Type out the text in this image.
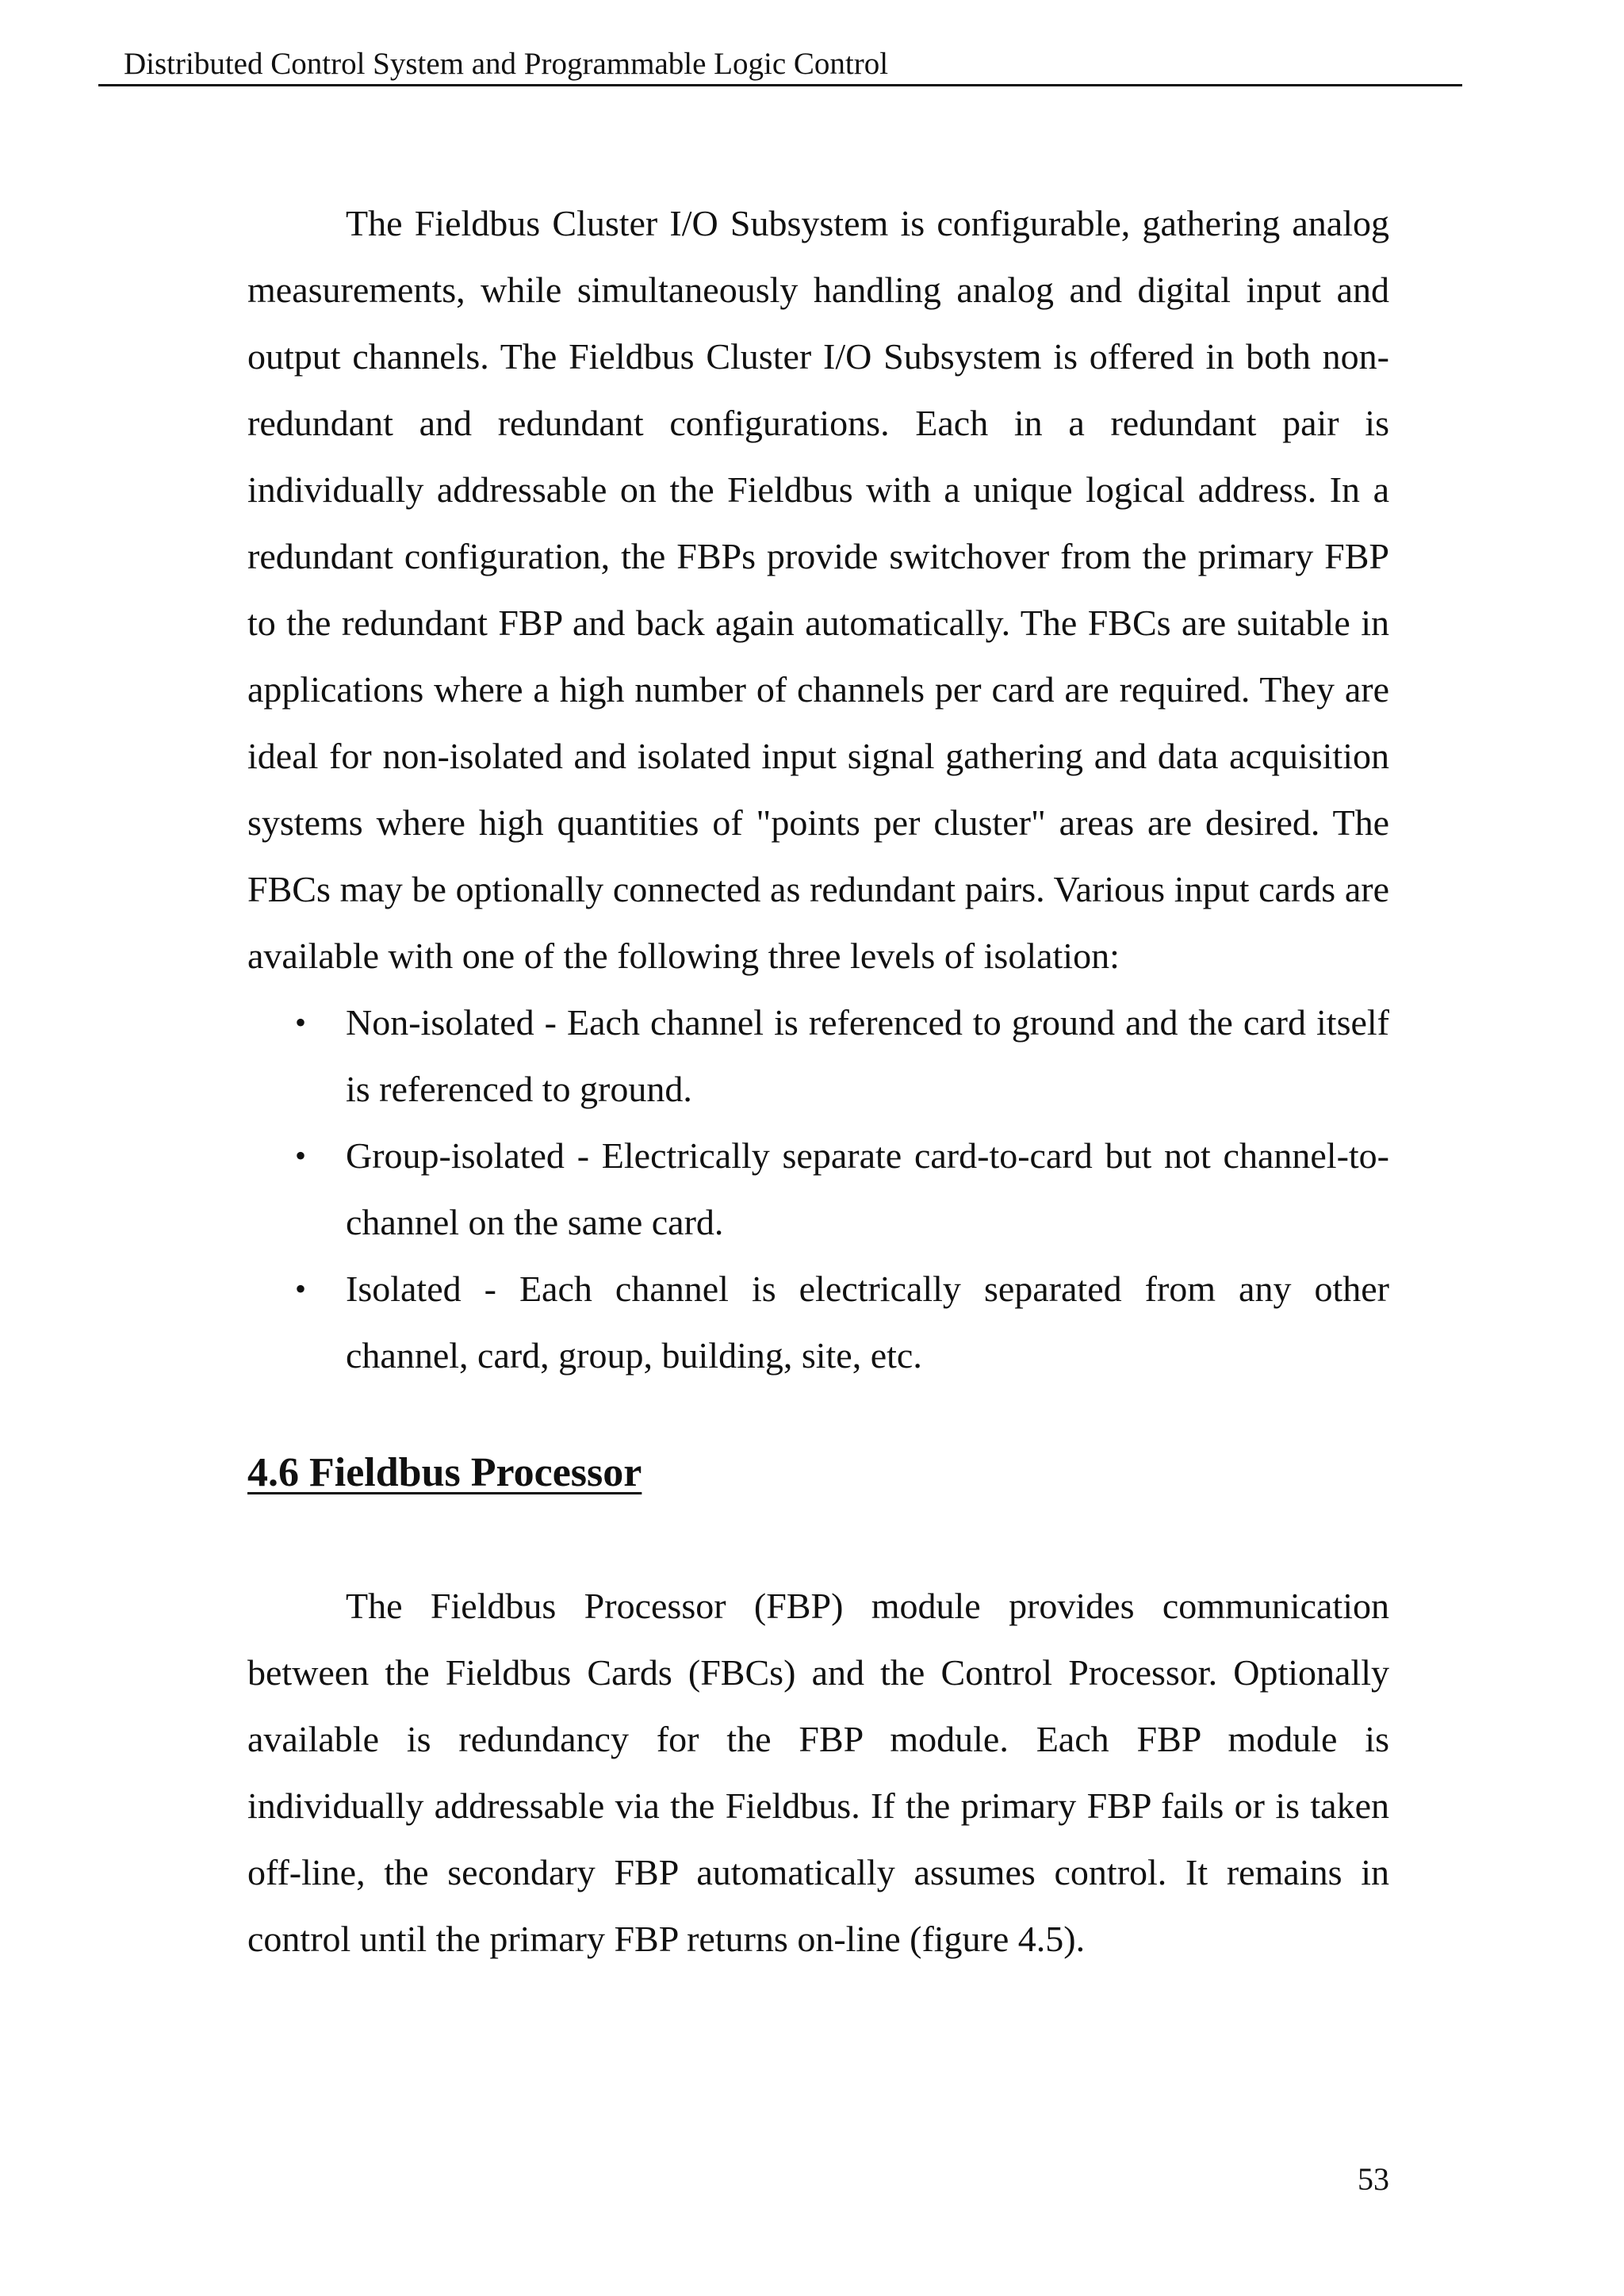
Distributed Control System and Programmable Logic Control

The Fieldbus Cluster I/O Subsystem is configurable, gathering analog measurements, while simultaneously handling analog and digital input and output channels. The Fieldbus Cluster I/O Subsystem is offered in both non-redundant and redundant configurations. Each in a redundant pair is individually addressable on the Fieldbus with a unique logical address. In a redundant configuration, the FBPs provide switchover from the primary FBP to the redundant FBP and back again automatically. The FBCs are suitable in applications where a high number of channels per card are required. They are ideal for non-isolated and isolated input signal gathering and data acquisition systems where high quantities of "points per cluster" areas are desired. The FBCs may be optionally connected as redundant pairs. Various input cards are available with one of the following three levels of isolation:

• Non-isolated - Each channel is referenced to ground and the card itself is referenced to ground.
• Group-isolated - Electrically separate card-to-card but not channel-to-channel on the same card.
• Isolated - Each channel is electrically separated from any other channel, card, group, building, site, etc.
4.6 Fieldbus Processor

The Fieldbus Processor (FBP) module provides communication between the Fieldbus Cards (FBCs) and the Control Processor. Optionally available is redundancy for the FBP module. Each FBP module is individually addressable via the Fieldbus. If the primary FBP fails or is taken off-line, the secondary FBP automatically assumes control. It remains in control until the primary FBP returns on-line (figure 4.5).

53
